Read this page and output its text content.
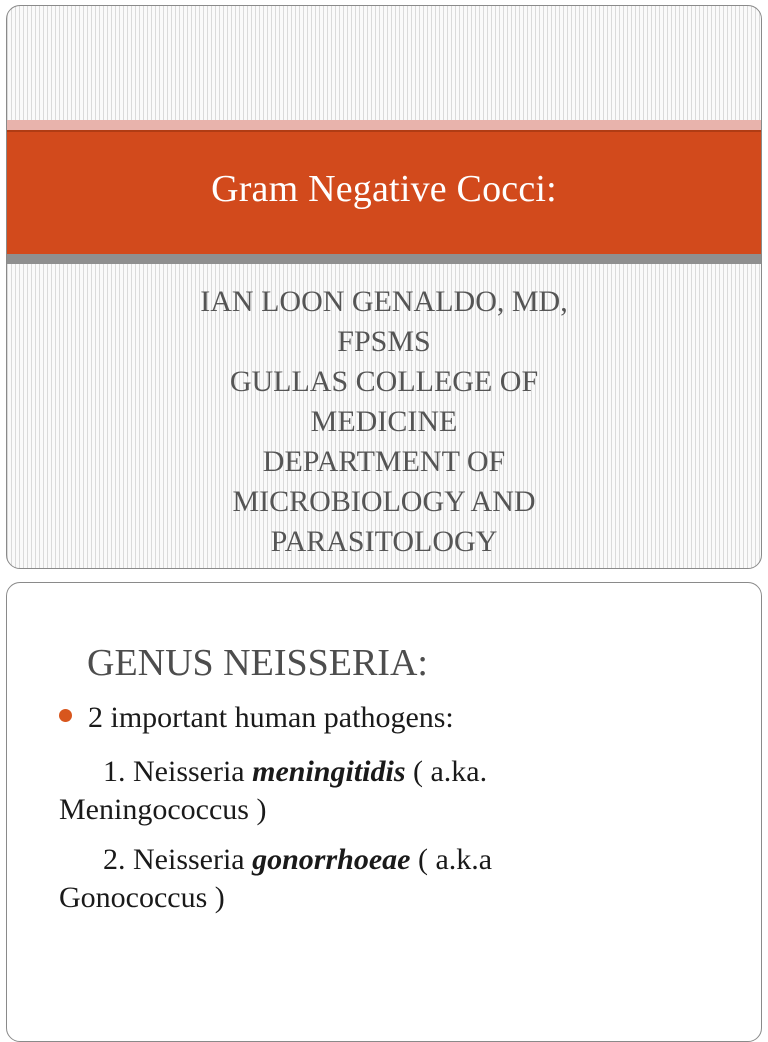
Gram Negative Cocci:
IAN LOON GENALDO, MD,
FPSMS
GULLAS COLLEGE OF
MEDICINE
DEPARTMENT OF
MICROBIOLOGY AND
PARASITOLOGY
GENUS NEISSERIA:
2 important human pathogens:
1. Neisseria meningitidis ( a.ka.
Meningococcus )
2. Neisseria gonorrhoeae ( a.k.a
Gonococcus )
